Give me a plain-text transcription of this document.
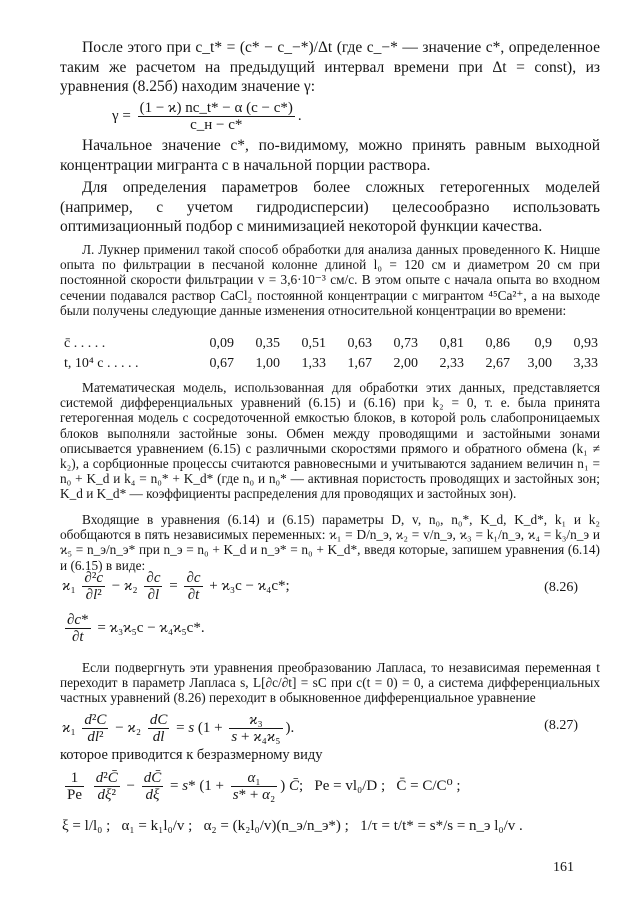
После этого при c_t* = (c* − c_−*)/Δt (где c_−* — значение c*, определенное таким же расчетом на предыдущий интервал времени при Δt = const), из уравнения (8.25б) находим значение γ:

$\gamma = \frac{(1 - ϰ) nc\_t* - \alpha (c - c*)}{c\_н - c*}$ .

Начальное значение c*, по-видимому, можно принять равным выходной концентрации мигранта c в начальной порции раствора.

Для определения параметров более сложных гетерогенных моделей (например, с учетом гидродисперсии) целесообразно использовать оптимизационный подбор с минимизацией некоторой функции качества.

Л. Лукнер применил такой способ обработки для анализа данных проведенного К. Ницше опыта по фильтрации в песчаной колонне длиной l₀ = 120 см и диаметром 20 см при постоянной скорости фильтрации v = 3,6·10⁻³ см/с. В этом опыте с начала опыта во входном сечении подавался раствор CaCl₂ постоянной концентрации с мигрантом ⁴⁵Ca²⁺, а на выходе были получены следующие данные изменения относительной концентрации во времени:

c̄ . . . . .	0,09	0,35	0,51	0,63	0,73	0,81	0,86	0,9	0,93
t, 10⁴ c . . . . .	0,67	1,00	1,33	1,67	2,00	2,33	2,67	3,00	3,33

Математическая модель, использованная для обработки этих данных, представляется системой дифференциальных уравнений (6.15) и (6.16) при k₂ = 0, т. е. была принята гетерогенная модель с сосредоточенной емкостью блоков, в которой роль слабопроницаемых блоков выполняли застойные зоны. Обмен между проводящими и застойными зонами описывается уравнением (6.15) с различными скоростями прямого и обратного обмена (k₁ ≠ k₂), а сорбционные процессы считаются равновесными и учитываются заданием величин n₁ = n₀ + K_d и k₄ = n₀* + K_d* (где n₀ и n₀* — активная пористость проводящих и застойных зон; K_d и K_d* — коэффициенты распределения для проводящих и застойных зон).

Входящие в уравнения (6.14) и (6.15) параметры D, v, n₀, n₀*, K_d, K_d*, k₁ и k₂ обобщаются в пять независимых переменных: ϰ₁ = D/n_э, ϰ₂ = v/n_э, ϰ₃ = k₁/n_э, ϰ₄ = k₃/n_э и ϰ₅ = n_э/n_э* при n_э = n₀ + K_d и n_э* = n₀ + K_d*, введя которые, запишем уравнения (6.14) и (6.15) в виде:

$ϰ_1 \frac{\text{∂²c}}{\text{∂l²}} - ϰ_2 \frac{\partial c}{\partial l} = \frac{\partial c}{\partial t} + ϰ_3c - ϰ_4c*$;	(8.26)
$\frac{\partial c*}{\partial t} = ϰ_3ϰ_5c - ϰ_4ϰ_5c*$.

Если подвергнуть эти уравнения преобразованию Лапласа, то независимая переменная t переходит в параметр Лапласа s, L[∂c/∂t] = sC при c(t = 0) = 0, а система дифференциальных частных уравнений (8.26) переходит в обыкновенное дифференциальное уравнение

$ϰ_1 \frac{\text{d²C}}{\text{dl²}} - ϰ_2 \frac{dC}{dl} = s$ ($1 + \frac{\text{ϰ₃}}{\text{s + ϰ₄ϰ₅}}$ ).	(8.27)

которое приводится к безразмерному виду

$\frac{1}{Pe}$
$\frac{\text{d²C̄}}{\text{dξ²}} - \frac{dC̄}{d\xi} = s*$ ($1 + \frac{\text{α₁}}{\text{s* + α₂}}$ ) C̄;   Pe = vl₀/D ; C̄ = C/C⁰ ;
ξ = l/l₀ ; α₁ = k₁l₀/v ; α₂ = (k₂l₀/v)(n_э/n_э*) ; 1/τ = t/t* = s*/s = n_э l₀/v .
161
